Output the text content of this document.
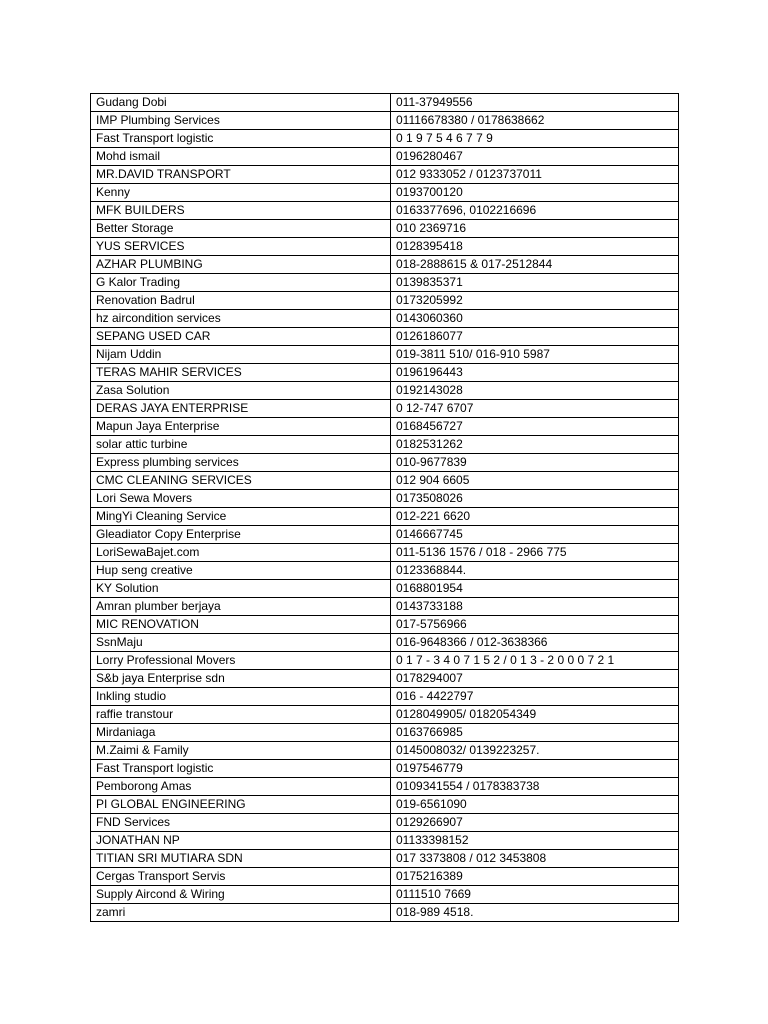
Gudang Dobi	011-37949556
IMP Plumbing Services	01116678380 / 0178638662
Fast Transport logistic	0 1 9 7 5 4 6 7 7 9
Mohd ismail	0196280467
MR.DAVID TRANSPORT	012 9333052 / 0123737011
Kenny	0193700120
MFK BUILDERS	0163377696, 0102216696
Better Storage	010 2369716
YUS SERVICES	0128395418
AZHAR PLUMBING	018-2888615 & 017-2512844
G Kalor Trading	0139835371
Renovation Badrul	0173205992
hz aircondition services	0143060360
SEPANG USED CAR	0126186077
Nijam Uddin	019-3811 510/ 016-910 5987
TERAS MAHIR SERVICES	0196196443
Zasa Solution	0192143028
DERAS JAYA ENTERPRISE	0 12-747 6707
Mapun Jaya Enterprise	0168456727
solar attic turbine	0182531262
Express plumbing services	010-9677839
CMC CLEANING SERVICES	012 904 6605
Lori Sewa Movers	0173508026
MingYi Cleaning Service	012-221 6620
Gleadiator Copy Enterprise	0146667745
LoriSewaBajet.com	011-5136 1576 / 018 - 2966 775
Hup seng creative	0123368844.
KY Solution	0168801954
Amran plumber berjaya	0143733188
MIC RENOVATION	017-5756966
SsnMaju	016-9648366 / 012-3638366
Lorry Professional Movers	0 1 7 - 3 4 0 7 1 5 2 / 0 1 3 - 2 0 0 0 7 2 1
S&b jaya Enterprise sdn	0178294007
Inkling studio	016 - 4422797
raffie transtour	0128049905/ 0182054349
Mirdaniaga	0163766985
M.Zaimi & Family	0145008032/ 0139223257.
Fast Transport logistic	0197546779
Pemborong Amas	0109341554 / 0178383738
PI GLOBAL ENGINEERING	019-6561090
FND Services	0129266907
JONATHAN NP	01133398152
TITIAN SRI MUTIARA SDN	017 3373808 / 012 3453808
Cergas Transport Servis	0175216389
Supply Aircond & Wiring	0111510 7669
zamri	018-989 4518.
